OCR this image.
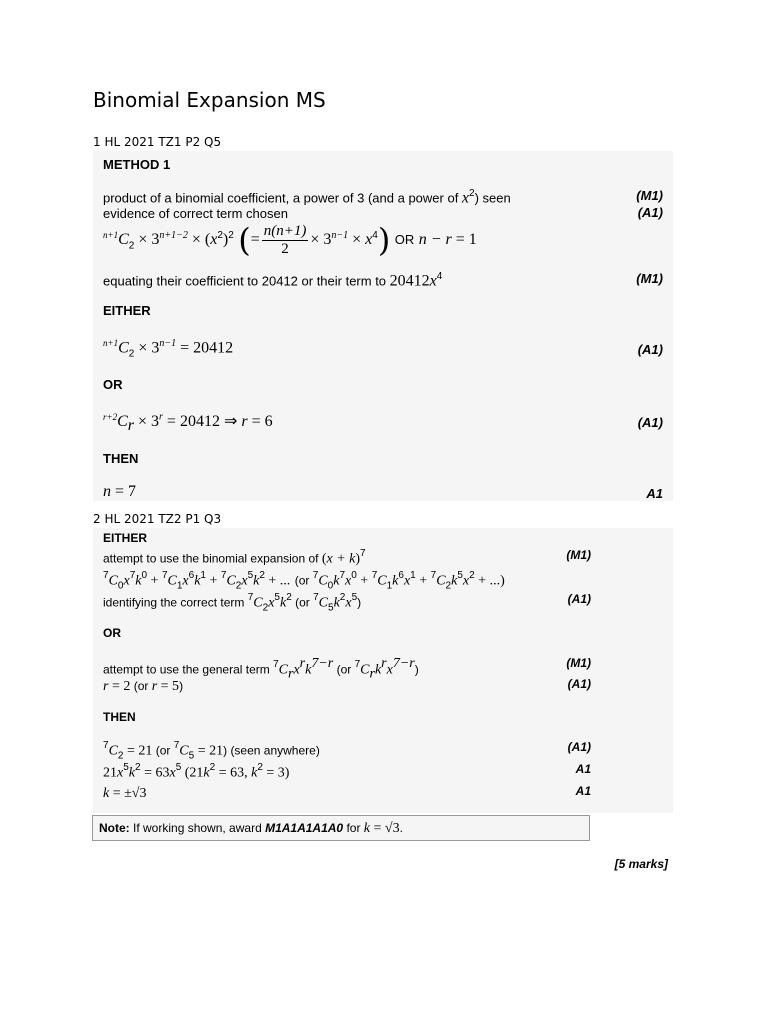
Binomial Expansion MS
1 HL 2021 TZ1 P2 Q5
METHOD 1
product of a binomial coefficient, a power of 3 (and a power of $x^2$) seen	(M1)
evidence of correct term chosen	(A1)
$^{n+1}C_2 \times 3^{n+1-2} \times (x^2)^2$ (= $\frac{n(n+1)}{2} \times 3^{n-1} \times x^4$) OR n − r = 1
equating their coefficient to 20412 or their term to $20412x^4$	(M1)
EITHER
$^{n+1}C_2 \times 3^{n-1} = 20412$	(A1)
OR
$^{r+2}C_r \times 3^r = 20412$ ⇒ r = 6	(A1)
THEN
n = 7	A1
2 HL 2021 TZ2 P1 Q3
EITHER
attempt to use the binomial expansion of $(x + k)^7$	(M1)
$^7C_0x^7k^0 + ^7C_1x^6k^1 + ^7C_2x^5k^2$ + ... (or $^7C_0k^7x^0 + ^7C_1k^6x^1 + ^7C_2k^5x^2$ + ...)
identifying the correct term $^7C_2x^5k^2$ (or $^7C_5k^2x^5$)	(A1)
OR
attempt to use the general term $^7C_rx^rk^{7-r}$ (or $^7C_rk^rx^{7-r}$)	(M1)
r = 2 (or r = 5)	(A1)
THEN
$^7C_2 = 21$ (or $^7C_5 = 21$) (seen anywhere)	(A1)
$21x^5k^2 = 63x^5$ ($21k^2 = 63$, $k^2 = 3$)	A1
k = ±√3	A1
Note: If working shown, award M1A1A1A1A0 for k = √3.
[5 marks]
